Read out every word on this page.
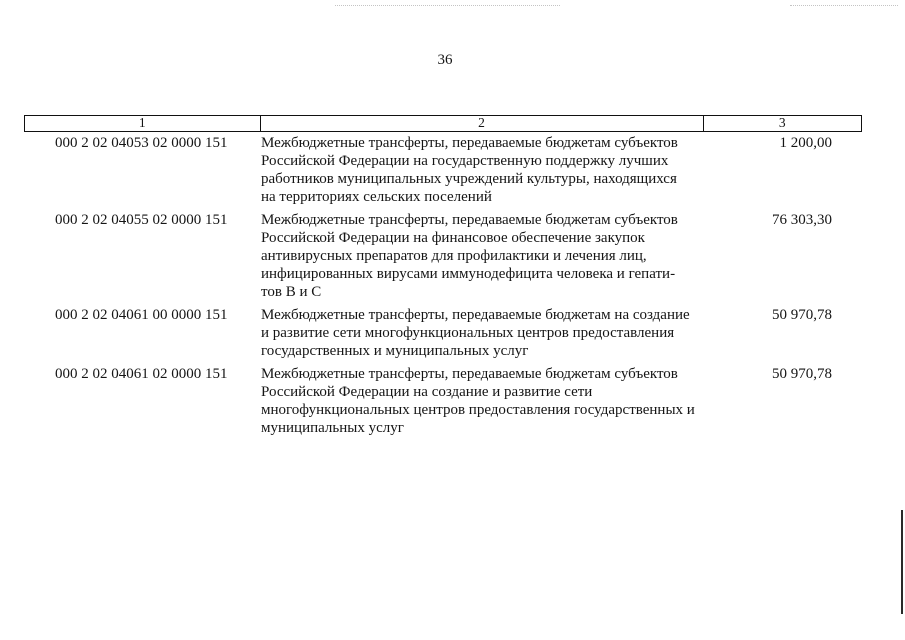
36
1	2	3
000 2 02 04053 02 0000 151	Межбюджетные трансферты, передаваемые бюджетам субъектов
Российской Федерации на государственную поддержку лучших
работников муниципальных учреждений культуры, находящихся
на территориях сельских поселений
1 200,00
000 2 02 04055 02 0000 151	Межбюджетные трансферты, передаваемые бюджетам субъектов
Российской Федерации на финансовое обеспечение закупок
антивирусных препаратов для профилактики и лечения лиц,
инфицированных вирусами иммунодефицита человека и гепати-
тов В и С
76 303,30
000 2 02 04061 00 0000 151	Межбюджетные трансферты, передаваемые бюджетам на создание
и развитие сети многофункциональных центров предоставления
государственных и муниципальных услуг
50 970,78
000 2 02 04061 02 0000 151	Межбюджетные трансферты, передаваемые бюджетам субъектов
Российской Федерации на создание и развитие сети
многофункциональных центров предоставления государственных и
муниципальных услуг
50 970,78
